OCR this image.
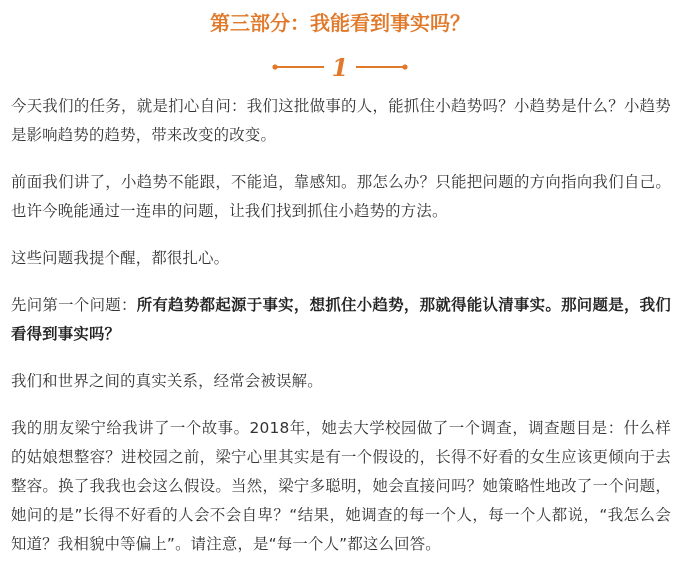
第三部分：我能看到事实吗？
1

今天我们的任务，就是扪心自问：我们这批做事的人，能抓住小趋势吗？小趋势是什么？小趋势是影响趋势的趋势，带来改变的改变。

前面我们讲了，小趋势不能跟，不能追，靠感知。那怎么办？只能把问题的方向指向我们自己。也许今晚能通过一连串的问题，让我们找到抓住小趋势的方法。

这些问题我提个醒，都很扎心。

先问第一个问题：所有趋势都起源于事实，想抓住小趋势，那就得能认清事实。那问题是，我们看得到事实吗？

我们和世界之间的真实关系，经常会被误解。

我的朋友梁宁给我讲了一个故事。2018年，她去大学校园做了一个调查，调查题目是：什么样的姑娘想整容？进校园之前，梁宁心里其实是有一个假设的，长得不好看的女生应该更倾向于去整容。换了我我也会这么假设。当然，梁宁多聪明，她会直接问吗？她策略性地改了一个问题，她问的是”长得不好看的人会不会自卑？“结果，她调查的每一个人，每一个人都说，“我怎么会知道？我相貌中等偏上”。请注意，是“每一个人”都这么回答。
